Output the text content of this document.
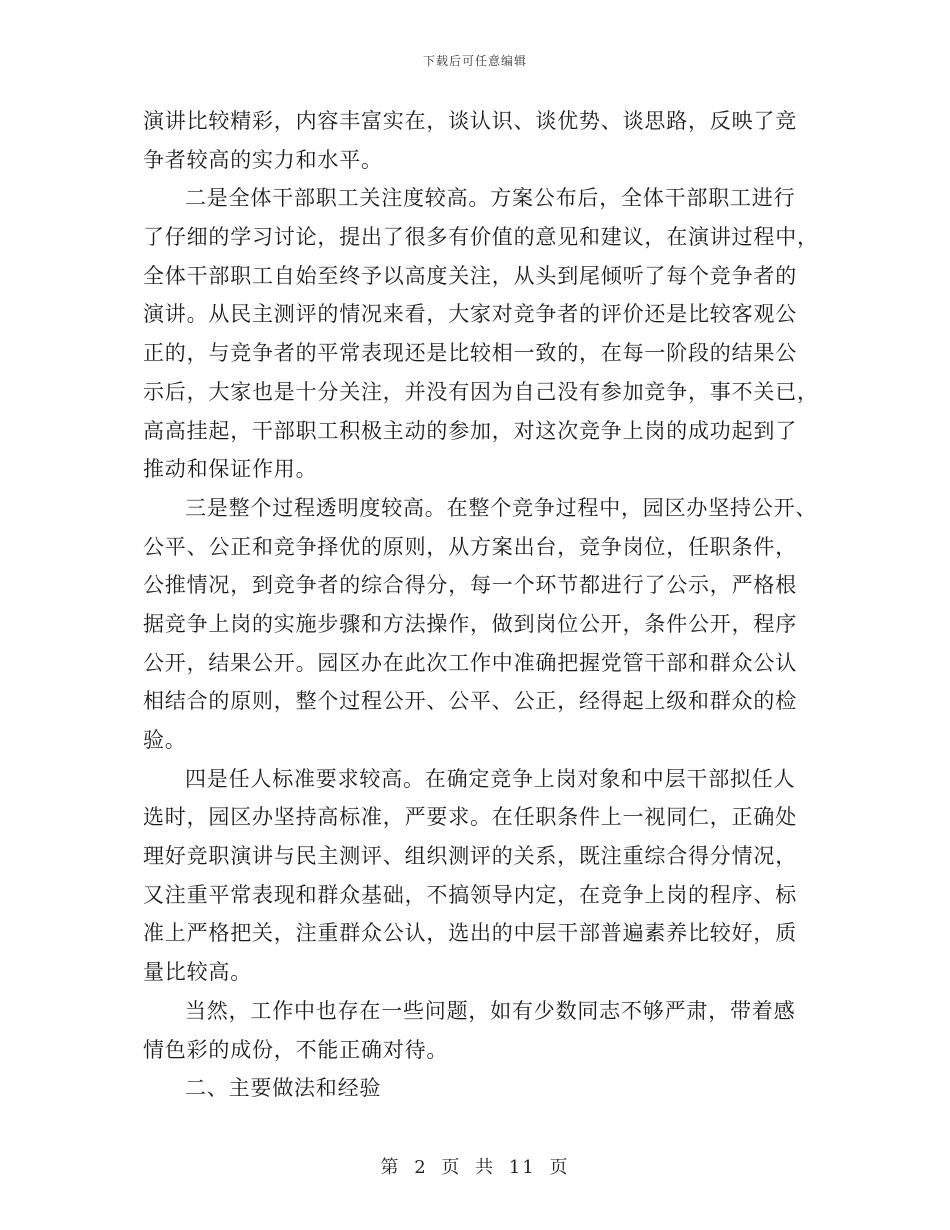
下载后可任意编辑
演讲比较精彩，内容丰富实在，谈认识、谈优势、谈思路，反映了竞
争者较高的实力和水平。
二是全体干部职工关注度较高。方案公布后，全体干部职工进行
了仔细的学习讨论，提出了很多有价值的意见和建议，在演讲过程中，
全体干部职工自始至终予以高度关注，从头到尾倾听了每个竞争者的
演讲。从民主测评的情况来看，大家对竞争者的评价还是比较客观公
正的，与竞争者的平常表现还是比较相一致的，在每一阶段的结果公
示后，大家也是十分关注，并没有因为自己没有参加竞争，事不关已，
高高挂起，干部职工积极主动的参加，对这次竞争上岗的成功起到了
推动和保证作用。
三是整个过程透明度较高。在整个竞争过程中，园区办坚持公开、
公平、公正和竞争择优的原则，从方案出台，竞争岗位，任职条件，
公推情况，到竞争者的综合得分，每一个环节都进行了公示，严格根
据竞争上岗的实施步骤和方法操作，做到岗位公开，条件公开，程序
公开，结果公开。园区办在此次工作中准确把握党管干部和群众公认
相结合的原则，整个过程公开、公平、公正，经得起上级和群众的检
验。
四是任人标准要求较高。在确定竞争上岗对象和中层干部拟任人
选时，园区办坚持高标准，严要求。在任职条件上一视同仁，正确处
理好竞职演讲与民主测评、组织测评的关系，既注重综合得分情况，
又注重平常表现和群众基础，不搞领导内定，在竞争上岗的程序、标
准上严格把关，注重群众公认，选出的中层干部普遍素养比较好，质
量比较高。
当然，工作中也存在一些问题，如有少数同志不够严肃，带着感
情色彩的成份，不能正确对待。
二、主要做法和经验
第 2 页 共 11 页
